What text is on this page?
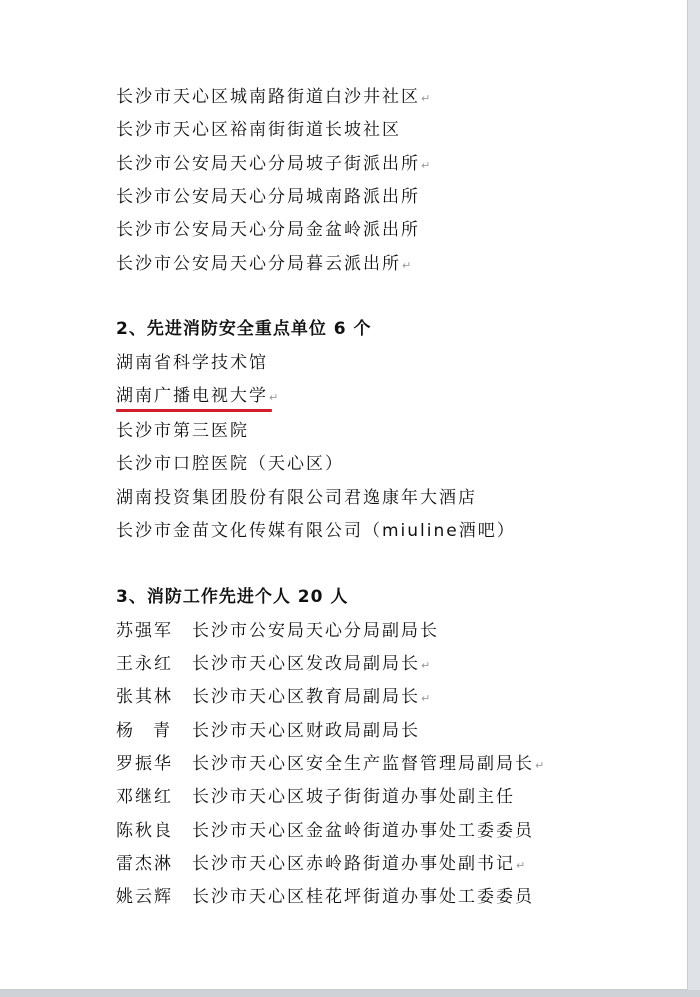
长沙市天心区城南路街道白沙井社区↵
长沙市天心区裕南街街道长坡社区
长沙市公安局天心分局坡子街派出所↵
长沙市公安局天心分局城南路派出所
长沙市公安局天心分局金盆岭派出所
长沙市公安局天心分局暮云派出所↵
2、先进消防安全重点单位 6 个
湖南省科学技术馆
湖南广播电视大学↵
长沙市第三医院
长沙市口腔医院（天心区）
湖南投资集团股份有限公司君逸康年大酒店
长沙市金苗文化传媒有限公司（miuline酒吧）
3、消防工作先进个人 20 人
苏强军 长沙市公安局天心分局副局长
王永红 长沙市天心区发改局副局长↵
张其林 长沙市天心区教育局副局长↵
杨青 长沙市天心区财政局副局长
罗振华 长沙市天心区安全生产监督管理局副局长↵
邓继红 长沙市天心区坡子街街道办事处副主任
陈秋良 长沙市天心区金盆岭街道办事处工委委员
雷杰淋 长沙市天心区赤岭路街道办事处副书记↵
姚云辉 长沙市天心区桂花坪街道办事处工委委员
